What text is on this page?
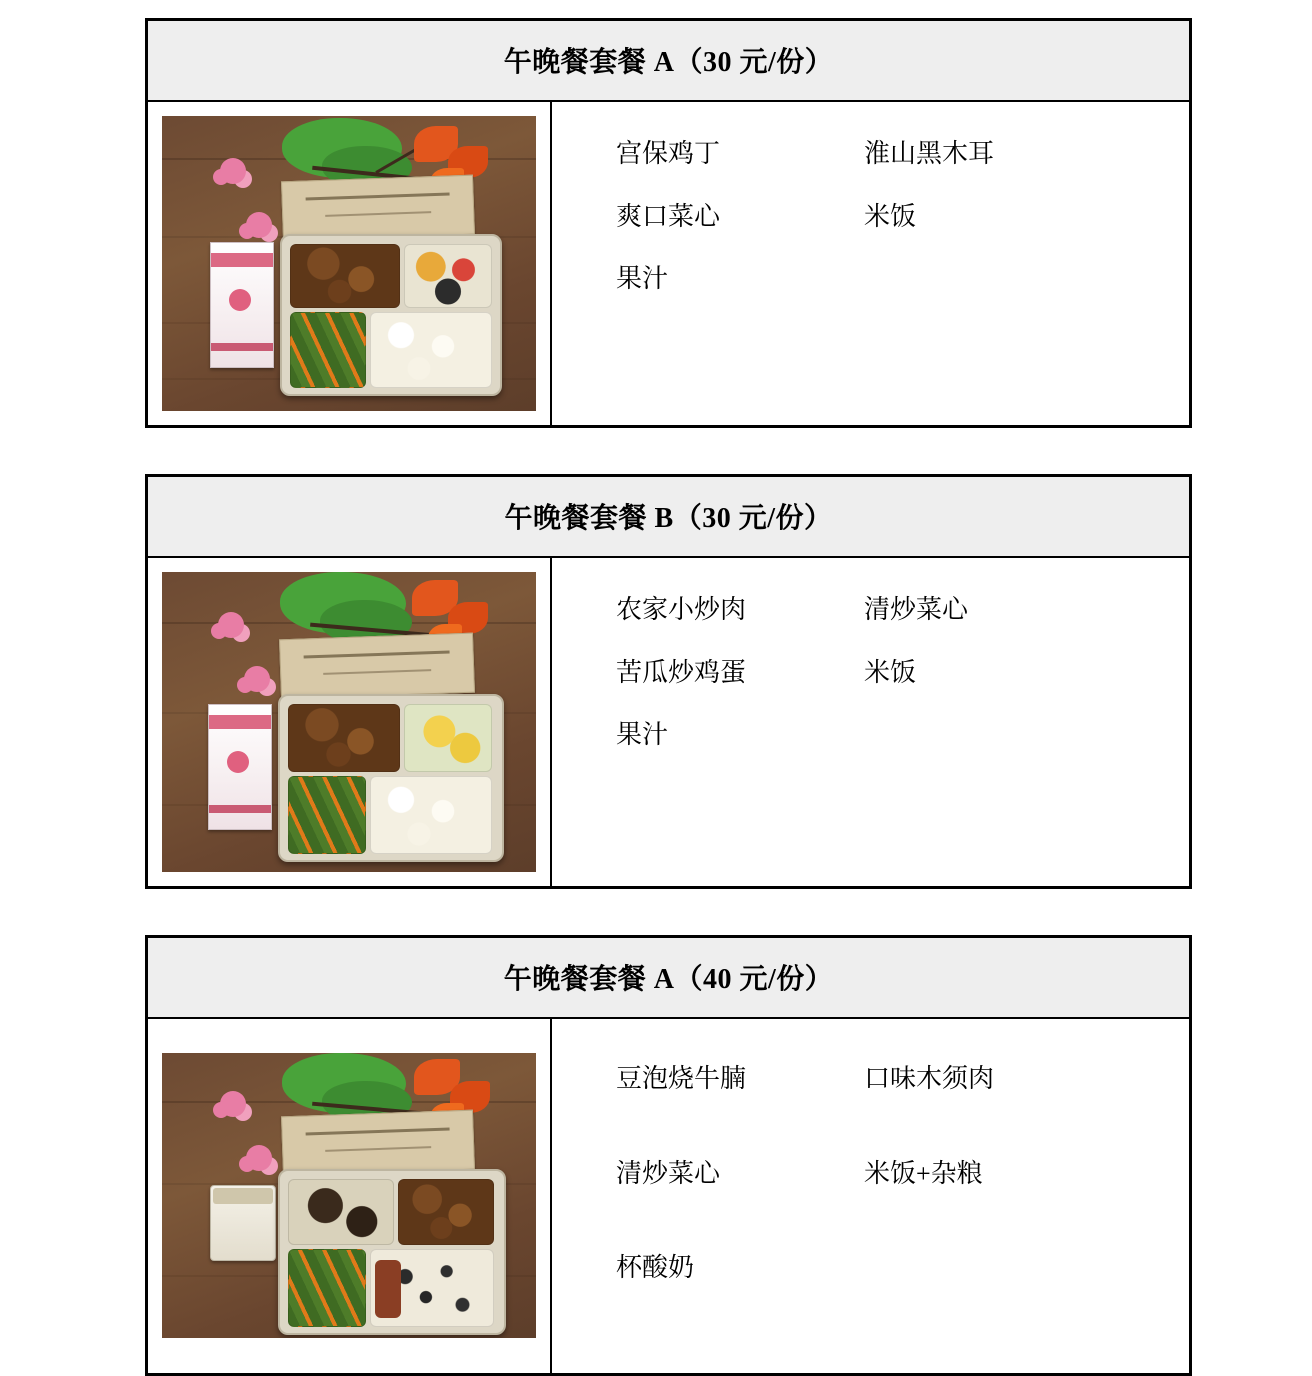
午晚餐套餐 A（30 元/份）
宫保鸡丁	淮山黑木耳
爽口菜心	米饭
果汁
午晚餐套餐 B（30 元/份）
农家小炒肉	清炒菜心
苦瓜炒鸡蛋	米饭
果汁
午晚餐套餐 A（40 元/份）
豆泡烧牛腩	口味木须肉
清炒菜心	米饭+杂粮
杯酸奶
